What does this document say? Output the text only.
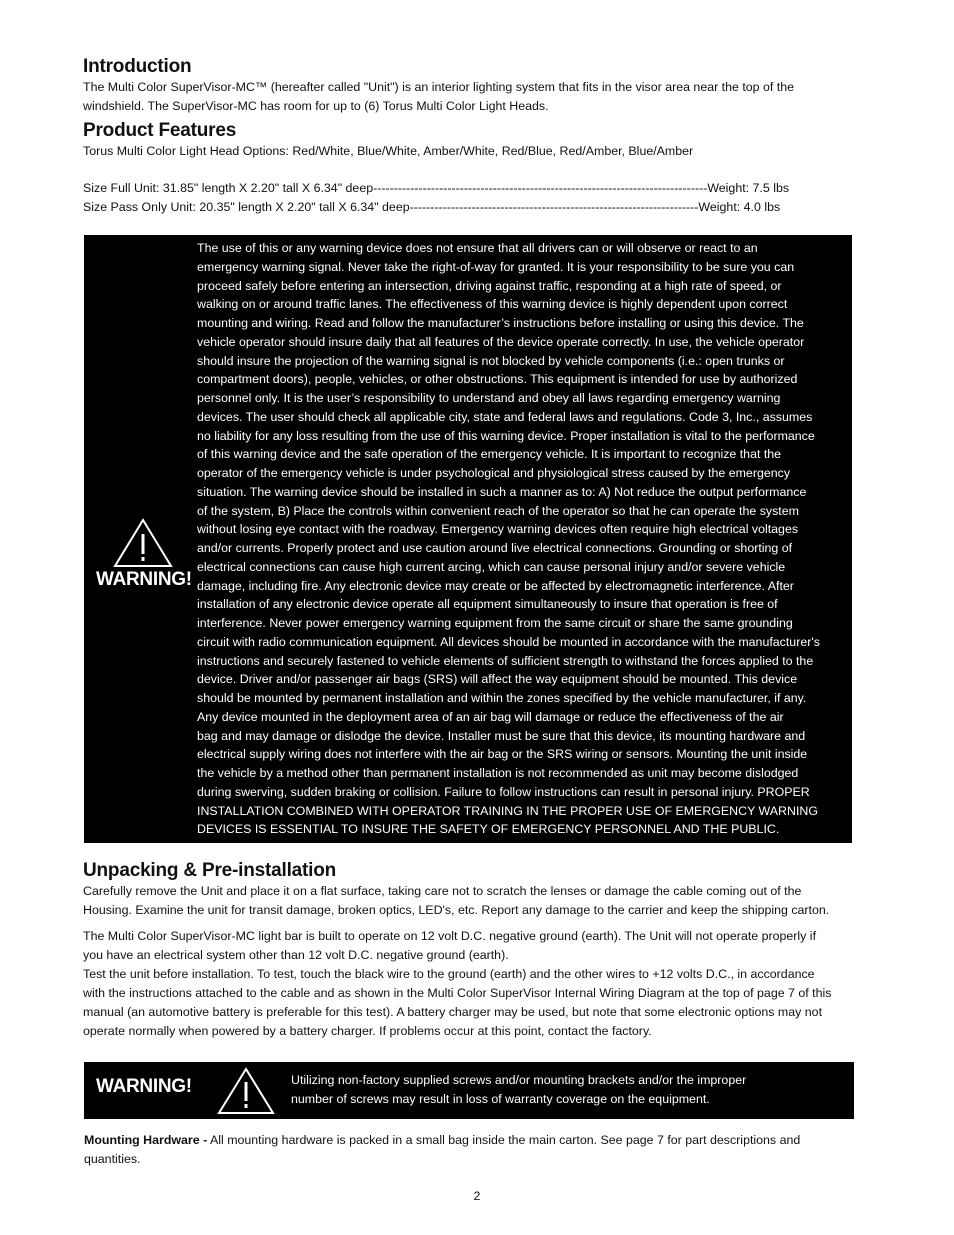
Introduction
The Multi Color SuperVisor-MC™ (hereafter called "Unit") is an interior lighting system that fits in the visor area near the top of the
windshield. The SuperVisor-MC has room for up to (6) Torus Multi Color Light Heads.
Product Features
Torus Multi Color Light Head Options: Red/White, Blue/White, Amber/White, Red/Blue, Red/Amber, Blue/Amber
Size Full Unit: 31.85" length X 2.20" tall X 6.34" deep---------------------------------------------------------------------------------Weight: 7.5 lbs
Size Pass Only Unit: 20.35" length X 2.20" tall X 6.34" deep----------------------------------------------------------------------Weight: 4.0 lbs
WARNING!
The use of this or any warning device does not ensure that all drivers can or will observe or react to an
emergency warning signal. Never take the right-of-way for granted. It is your responsibility to be sure you can
proceed safely before entering an intersection, driving against traffic, responding at a high rate of speed, or
walking on or around traffic lanes. The effectiveness of this warning device is highly dependent upon correct
mounting and wiring. Read and follow the manufacturer’s instructions before installing or using this device. The
vehicle operator should insure daily that all features of the device operate correctly. In use, the vehicle operator
should insure the projection of the warning signal is not blocked by vehicle components (i.e.: open trunks or
compartment doors), people, vehicles, or other obstructions. This equipment is intended for use by authorized
personnel only. It is the user’s responsibility to understand and obey all laws regarding emergency warning
devices. The user should check all applicable city, state and federal laws and regulations. Code 3, Inc., assumes
no liability for any loss resulting from the use of this warning device. Proper installation is vital to the performance
of this warning device and the safe operation of the emergency vehicle. It is important to recognize that the
operator of the emergency vehicle is under psychological and physiological stress caused by the emergency
situation. The warning device should be installed in such a manner as to: A) Not reduce the output performance
of the system, B) Place the controls within convenient reach of the operator so that he can operate the system
without losing eye contact with the roadway. Emergency warning devices often require high electrical voltages
and/or currents. Properly protect and use caution around live electrical connections. Grounding or shorting of
electrical connections can cause high current arcing, which can cause personal injury and/or severe vehicle
damage, including fire. Any electronic device may create or be affected by electromagnetic interference. After
installation of any electronic device operate all equipment simultaneously to insure that operation is free of
interference. Never power emergency warning equipment from the same circuit or share the same grounding
circuit with radio communication equipment. All devices should be mounted in accordance with the manufacturer's
instructions and securely fastened to vehicle elements of sufficient strength to withstand the forces applied to the
device. Driver and/or passenger air bags (SRS) will affect the way equipment should be mounted. This device
should be mounted by permanent installation and within the zones specified by the vehicle manufacturer, if any.
Any device mounted in the deployment area of an air bag will damage or reduce the effectiveness of the air
bag and may damage or dislodge the device. Installer must be sure that this device, its mounting hardware and
electrical supply wiring does not interfere with the air bag or the SRS wiring or sensors. Mounting the unit inside
the vehicle by a method other than permanent installation is not recommended as unit may become dislodged
during swerving, sudden braking or collision. Failure to follow instructions can result in personal injury. PROPER
INSTALLATION COMBINED WITH OPERATOR TRAINING IN THE PROPER USE OF EMERGENCY WARNING
DEVICES IS ESSENTIAL TO INSURE THE SAFETY OF EMERGENCY PERSONNEL AND THE PUBLIC.
Unpacking & Pre-installation
Carefully remove the Unit and place it on a flat surface, taking care not to scratch the lenses or damage the cable coming out of the
Housing. Examine the unit for transit damage, broken optics, LED's, etc. Report any damage to the carrier and keep the shipping carton.
The Multi Color SuperVisor-MC light bar is built to operate on 12 volt D.C. negative ground (earth). The Unit will not operate properly if
you have an electrical system other than 12 volt D.C. negative ground (earth).
Test the unit before installation. To test, touch the black wire to the ground (earth) and the other wires to +12 volts D.C., in accordance
with the instructions attached to the cable and as shown in the Multi Color SuperVisor Internal Wiring Diagram at the top of page 7 of this
manual (an automotive battery is preferable for this test). A battery charger may be used, but note that some electronic options may not
operate normally when powered by a battery charger. If problems occur at this point, contact the factory.
WARNING!	Utilizing non-factory supplied screws and/or mounting brackets and/or the improper
number of screws may result in loss of warranty coverage on the equipment.
Mounting Hardware - All mounting hardware is packed in a small bag inside the main carton. See page 7 for part descriptions and
quantities.
2
